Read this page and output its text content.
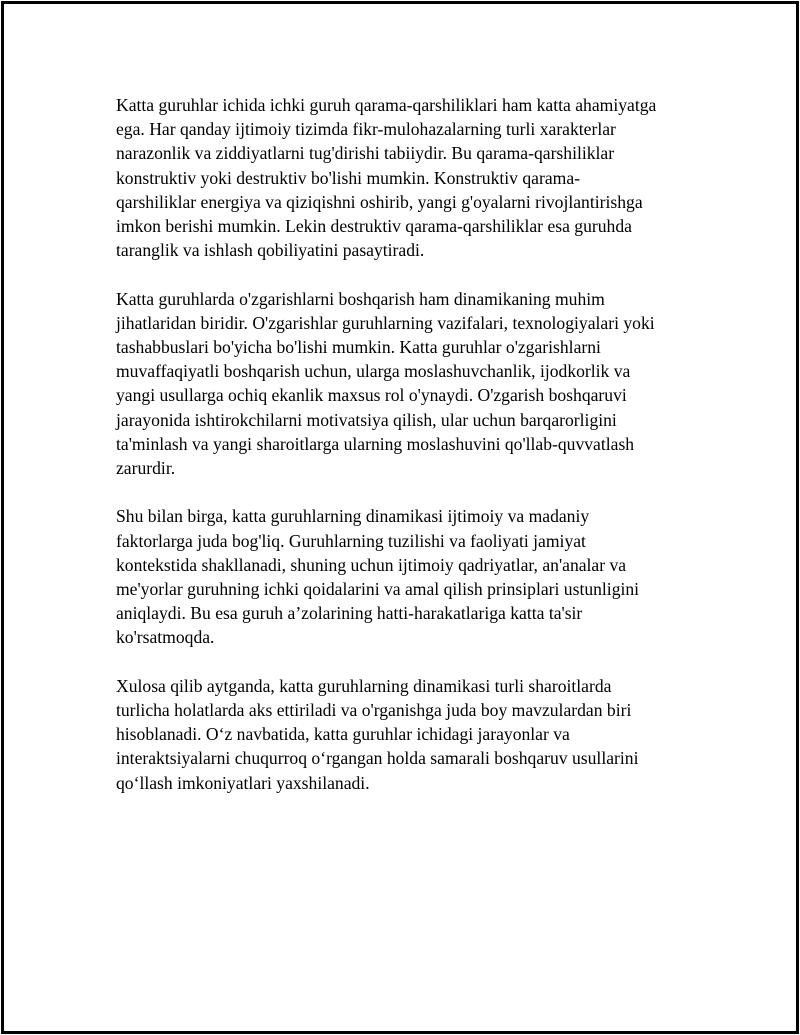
Katta guruhlar ichida ichki guruh qarama-qarshiliklari ham katta ahamiyatga
ega. Har qanday ijtimoiy tizimda fikr-mulohazalarning turli xarakterlar
narazonlik va ziddiyatlarni tug'dirishi tabiiydir. Bu qarama-qarshiliklar
konstruktiv yoki destruktiv bo'lishi mumkin. Konstruktiv qarama-
qarshiliklar energiya va qiziqishni oshirib, yangi g'oyalarni rivojlantirishga
imkon berishi mumkin. Lekin destruktiv qarama-qarshiliklar esa guruhda
taranglik va ishlash qobiliyatini pasaytiradi.

Katta guruhlarda o'zgarishlarni boshqarish ham dinamikaning muhim
jihatlaridan biridir. O'zgarishlar guruhlarning vazifalari, texnologiyalari yoki
tashabbuslari bo'yicha bo'lishi mumkin. Katta guruhlar o'zgarishlarni
muvaffaqiyatli boshqarish uchun, ularga moslashuvchanlik, ijodkorlik va
yangi usullarga ochiq ekanlik maxsus rol o'ynaydi. O'zgarish boshqaruvi
jarayonida ishtirokchilarni motivatsiya qilish, ular uchun barqarorligini
ta'minlash va yangi sharoitlarga ularning moslashuvini qo'llab-quvvatlash
zarurdir.

Shu bilan birga, katta guruhlarning dinamikasi ijtimoiy va madaniy
faktorlarga juda bog'liq. Guruhlarning tuzilishi va faoliyati jamiyat
kontekstida shakllanadi, shuning uchun ijtimoiy qadriyatlar, an'analar va
me'yorlar guruhning ichki qoidalarini va amal qilish prinsiplari ustunligini
aniqlaydi. Bu esa guruh a’zolarining hatti-harakatlariga katta ta'sir
ko'rsatmoqda.

Xulosa qilib aytganda, katta guruhlarning dinamikasi turli sharoitlarda
turlicha holatlarda aks ettiriladi va o'rganishga juda boy mavzulardan biri
hisoblanadi. O‘z navbatida, katta guruhlar ichidagi jarayonlar va
interaktsiyalarni chuqurroq o‘rgangan holda samarali boshqaruv usullarini
qo‘llash imkoniyatlari yaxshilanadi.
